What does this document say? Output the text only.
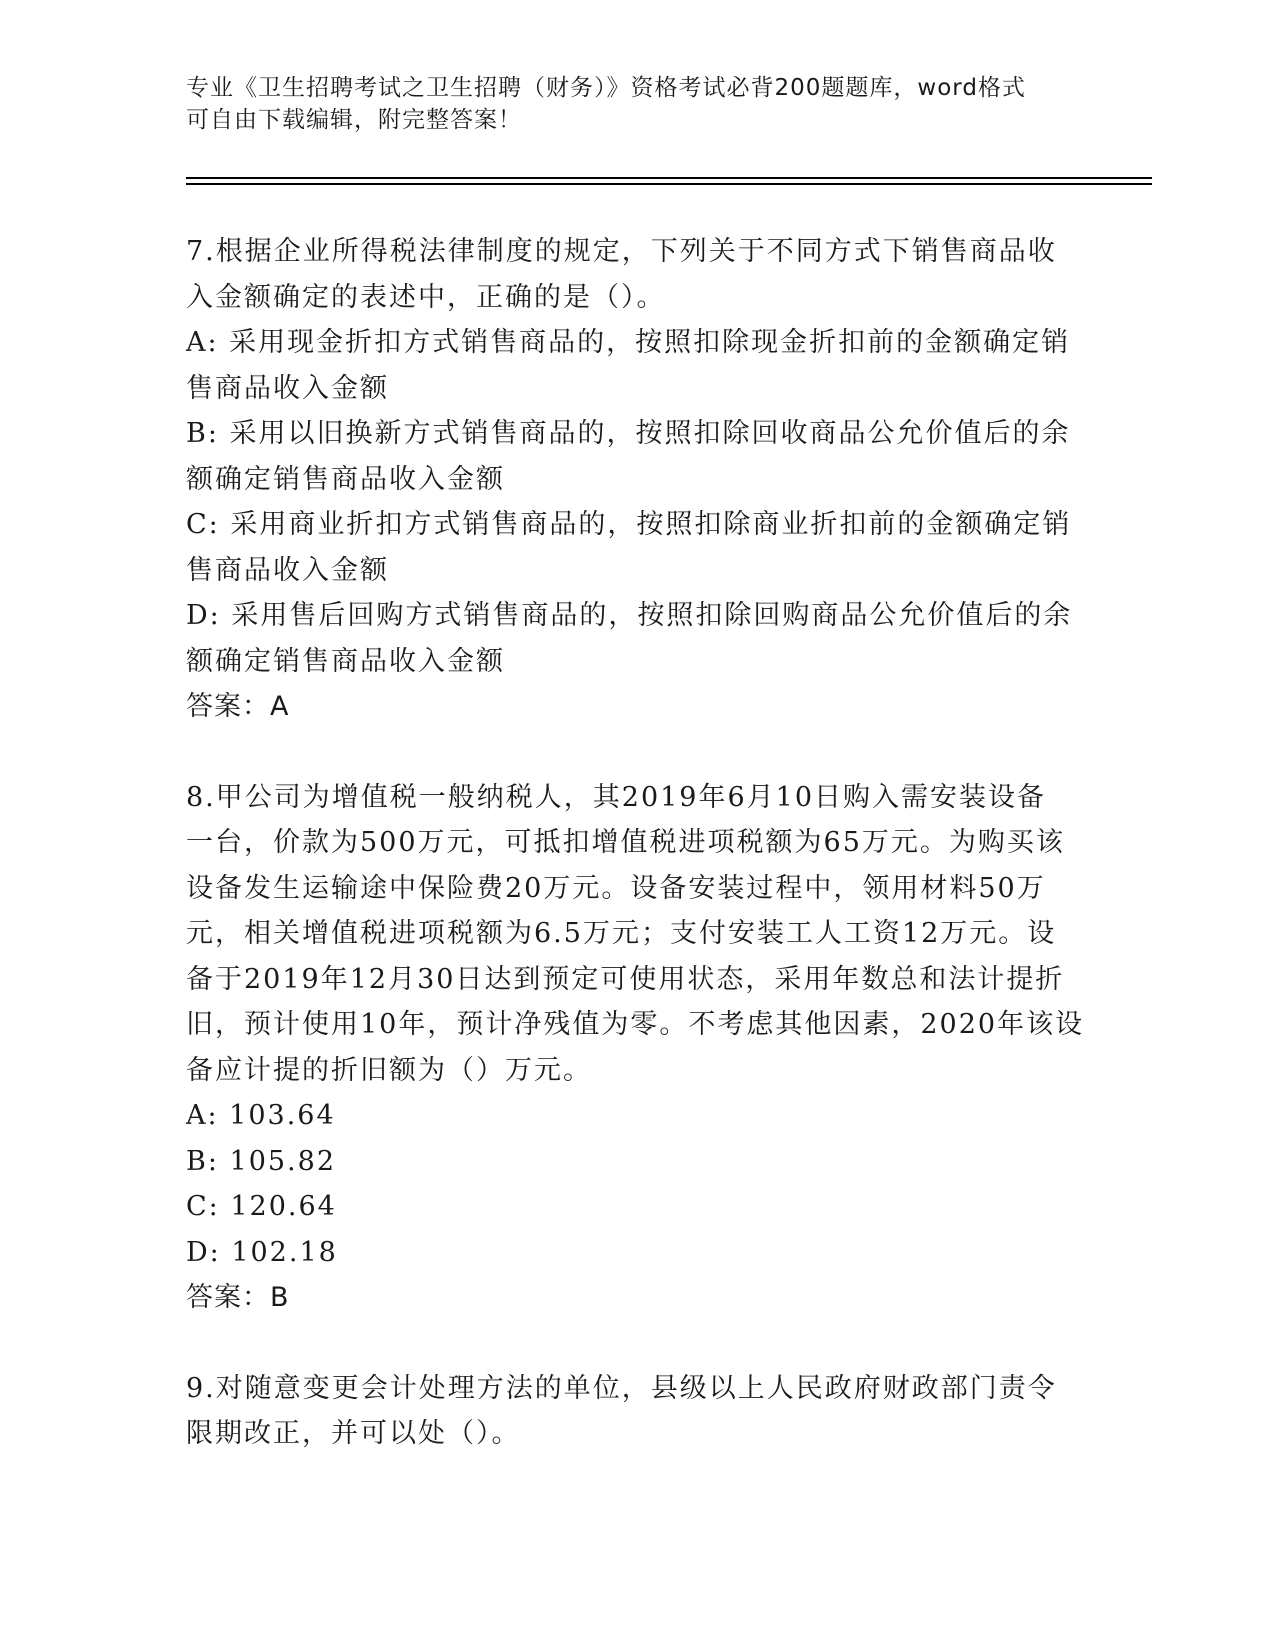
专业《卫生招聘考试之卫生招聘（财务）》资格考试必背200题题库，word格式
可自由下载编辑，附完整答案！
7.根据企业所得税法律制度的规定，下列关于不同方式下销售商品收
入金额确定的表述中，正确的是（）。
A: 采用现金折扣方式销售商品的，按照扣除现金折扣前的金额确定销
售商品收入金额
B: 采用以旧换新方式销售商品的，按照扣除回收商品公允价值后的余
额确定销售商品收入金额
C: 采用商业折扣方式销售商品的，按照扣除商业折扣前的金额确定销
售商品收入金额
D: 采用售后回购方式销售商品的，按照扣除回购商品公允价值后的余
额确定销售商品收入金额
答案：A
8.甲公司为增值税一般纳税人，其2019年6月10日购入需安装设备
一台，价款为500万元，可抵扣增值税进项税额为65万元。为购买该
设备发生运输途中保险费20万元。设备安装过程中，领用材料50万
元，相关增值税进项税额为6.5万元；支付安装工人工资12万元。设
备于2019年12月30日达到预定可使用状态，采用年数总和法计提折
旧，预计使用10年，预计净残值为零。不考虑其他因素，2020年该设
备应计提的折旧额为（）万元。
A: 103.64
B: 105.82
C: 120.64
D: 102.18
答案：B
9.对随意变更会计处理方法的单位，县级以上人民政府财政部门责令
限期改正，并可以处（）。
